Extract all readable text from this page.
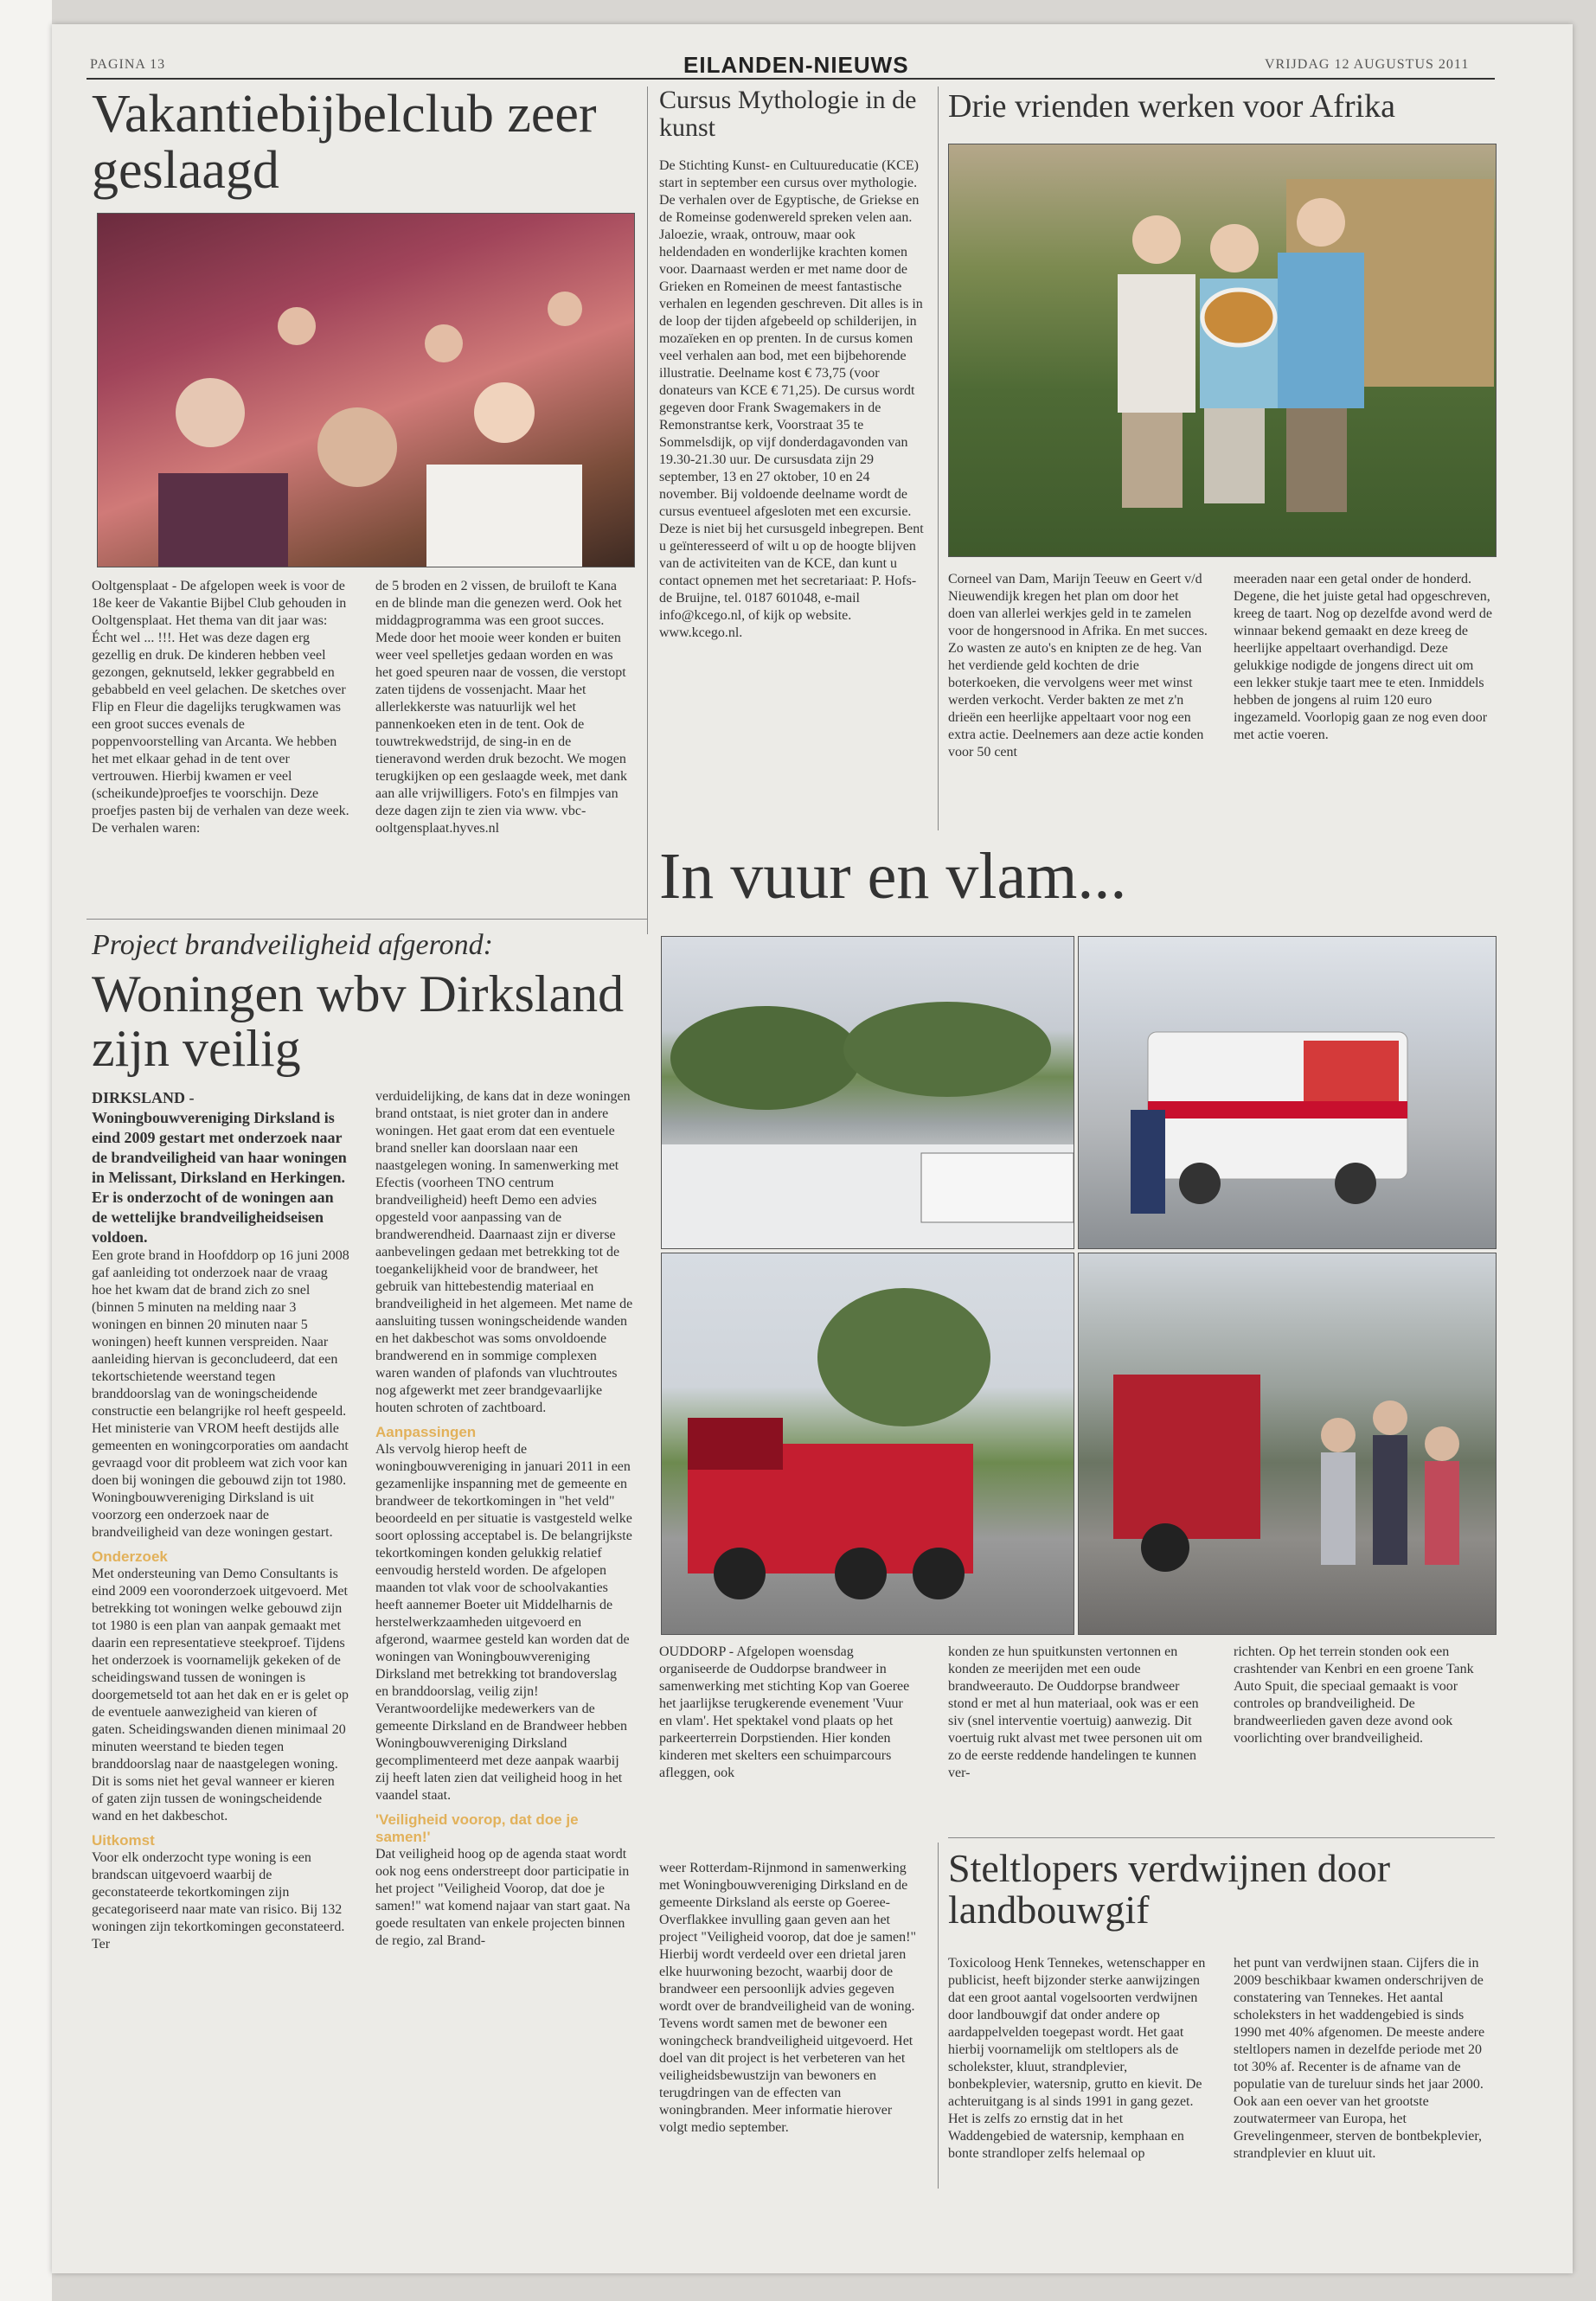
PAGINA 13	EILANDEN-NIEUWS	VRIJDAG 12 AUGUSTUS 2011
Vakantiebijbelclub zeer geslaagd
Ooltgensplaat - De afgelopen week is voor de 18e keer de Vakantie Bijbel Club gehouden in Ooltgensplaat. Het thema van dit jaar was: Écht wel ... !!!. Het was deze dagen erg gezellig en druk. De kinderen hebben veel gezongen, geknutseld, lekker gegrabbeld en gebabbeld en veel gelachen. De sketches over Flip en Fleur die dagelijks terugkwamen was een groot succes evenals de poppenvoorstelling van Arcanta. We hebben het met elkaar gehad in de tent over vertrouwen. Hierbij kwamen er veel (scheikunde)proefjes te voorschijn. Deze proefjes pasten bij de verhalen van deze week. De verhalen waren:
de 5 broden en 2 vissen, de bruiloft te Kana en de blinde man die genezen werd. Ook het middagprogramma was een groot succes. Mede door het mooie weer konden er buiten weer veel spelletjes gedaan worden en was het goed speuren naar de vossen, die verstopt zaten tijdens de vossenjacht. Maar het allerlekkerste was natuurlijk wel het pannenkoeken eten in de tent. Ook de touwtrekwedstrijd, de sing-in en de tieneravond werden druk bezocht. We mogen terugkijken op een geslaagde week, met dank aan alle vrijwilligers. Foto's en filmpjes van deze dagen zijn te zien via www. vbc-ooltgensplaat.hyves.nl
Cursus Mythologie in de kunst
De Stichting Kunst- en Cultuureducatie (KCE) start in september een cursus over mythologie. De verhalen over de Egyptische, de Griekse en de Romeinse godenwereld spreken velen aan. Jaloezie, wraak, ontrouw, maar ook heldendaden en wonderlijke krachten komen voor. Daarnaast werden er met name door de Grieken en Romeinen de meest fantastische verhalen en legenden geschreven. Dit alles is in de loop der tijden afgebeeld op schilderijen, in mozaïeken en op prenten. In de cursus komen veel verhalen aan bod, met een bijbehorende illustratie. Deelname kost € 73,75 (voor donateurs van KCE € 71,25). De cursus wordt gegeven door Frank Swagemakers in de Remonstrantse kerk, Voorstraat 35 te Sommelsdijk, op vijf donderdagavonden van 19.30-21.30 uur. De cursusdata zijn 29 september, 13 en 27 oktober, 10 en 24 november. Bij voldoende deelname wordt de cursus eventueel afgesloten met een excursie. Deze is niet bij het cursusgeld inbegrepen. Bent u geïnteresseerd of wilt u op de hoogte blijven van de activiteiten van de KCE, dan kunt u contact opnemen met het secretariaat: P. Hofs-de Bruijne, tel. 0187 601048, e-mail info@kcego.nl, of kijk op website. www.kcego.nl.
Drie vrienden werken voor Afrika
Corneel van Dam, Marijn Teeuw en Geert v/d Nieuwendijk kregen het plan om door het doen van allerlei werkjes geld in te zamelen voor de hongersnood in Afrika. En met succes. Zo wasten ze auto's en knipten ze de heg. Van het verdiende geld kochten de drie boterkoeken, die vervolgens weer met winst werden verkocht. Verder bakten ze met z'n drieën een heerlijke appeltaart voor nog een extra actie. Deelnemers aan deze actie konden voor 50 cent
meeraden naar een getal onder de honderd. Degene, die het juiste getal had opgeschreven, kreeg de taart. Nog op dezelfde avond werd de winnaar bekend gemaakt en deze kreeg de heerlijke appeltaart overhandigd. Deze gelukkige nodigde de jongens direct uit om een lekker stukje taart mee te eten. Inmiddels hebben de jongens al ruim 120 euro ingezameld. Voorlopig gaan ze nog even door met actie voeren.
Project brandveiligheid afgerond:
Woningen wbv Dirksland zijn veilig

DIRKSLAND - Woningbouwvereniging Dirksland is eind 2009 gestart met onderzoek naar de brandveiligheid van haar woningen in Melissant, Dirksland en Herkingen. Er is onderzocht of de woningen aan de wettelijke brandveiligheidseisen voldoen.

Een grote brand in Hoofddorp op 16 juni 2008 gaf aanleiding tot onderzoek naar de vraag hoe het kwam dat de brand zich zo snel (binnen 5 minuten na melding naar 3 woningen en binnen 20 minuten naar 5 woningen) heeft kunnen verspreiden. Naar aanleiding hiervan is geconcludeerd, dat een tekortschietende weerstand tegen branddoorslag van de woningscheidende constructie een belangrijke rol heeft gespeeld. Het ministerie van VROM heeft destijds alle gemeenten en woningcorporaties om aandacht gevraagd voor dit probleem wat zich voor kan doen bij woningen die gebouwd zijn tot 1980. Woningbouwvereniging Dirksland is uit voorzorg een onderzoek naar de brandveiligheid van deze woningen gestart.

Onderzoek

Met ondersteuning van Demo Consultants is eind 2009 een vooronderzoek uitgevoerd. Met betrekking tot woningen welke gebouwd zijn tot 1980 is een plan van aanpak gemaakt met daarin een representatieve steekproef. Tijdens het onderzoek is voornamelijk gekeken of de scheidingswand tussen de woningen is doorgemetseld tot aan het dak en er is gelet op de eventuele aanwezigheid van kieren of gaten. Scheidingswanden dienen minimaal 20 minuten weerstand te bieden tegen branddoorslag naar de naastgelegen woning. Dit is soms niet het geval wanneer er kieren of gaten zijn tussen de woningscheidende wand en het dakbeschot.

Uitkomst

Voor elk onderzocht type woning is een brandscan uitgevoerd waarbij de geconstateerde tekortkomingen zijn gecategoriseerd naar mate van risico. Bij 132 woningen zijn tekortkomingen geconstateerd. Ter

verduidelijking, de kans dat in deze woningen brand ontstaat, is niet groter dan in andere woningen. Het gaat erom dat een eventuele brand sneller kan doorslaan naar een naastgelegen woning. In samenwerking met Efectis (voorheen TNO centrum brandveiligheid) heeft Demo een advies opgesteld voor aanpassing van de brandwerendheid. Daarnaast zijn er diverse aanbevelingen gedaan met betrekking tot de toegankelijkheid voor de brandweer, het gebruik van hittebestendig materiaal en brandveiligheid in het algemeen. Met name de aansluiting tussen woningscheidende wanden en het dakbeschot was soms onvoldoende brandwerend en in sommige complexen waren wanden of plafonds van vluchtroutes nog afgewerkt met zeer brandgevaarlijke houten schroten of zachtboard.

Aanpassingen

Als vervolg hierop heeft de woningbouwvereniging in januari 2011 in een gezamenlijke inspanning met de gemeente en brandweer de tekortkomingen in "het veld" beoordeeld en per situatie is vastgesteld welke soort oplossing acceptabel is. De belangrijkste tekortkomingen konden gelukkig relatief eenvoudig hersteld worden. De afgelopen maanden tot vlak voor de schoolvakanties heeft aannemer Boeter uit Middelharnis de herstelwerkzaamheden uitgevoerd en afgerond, waarmee gesteld kan worden dat de woningen van Woningbouwvereniging Dirksland met betrekking tot brandoverslag en branddoorslag, veilig zijn! Verantwoordelijke medewerkers van de gemeente Dirksland en de Brandweer hebben Woningbouwvereniging Dirksland gecomplimenteerd met deze aanpak waarbij zij heeft laten zien dat veiligheid hoog in het vaandel staat.

'Veiligheid voorop, dat doe je samen!'

Dat veiligheid hoog op de agenda staat wordt ook nog eens onderstreept door participatie in het project "Veiligheid Voorop, dat doe je samen!" wat komend najaar van start gaat. Na goede resultaten van enkele projecten binnen de regio, zal Brand-

weer Rotterdam-Rijnmond in samenwerking met Woningbouwvereniging Dirksland en de gemeente Dirksland als eerste op Goeree-Overflakkee invulling gaan geven aan het project "Veiligheid voorop, dat doe je samen!" Hierbij wordt verdeeld over een drietal jaren elke huurwoning bezocht, waarbij door de brandweer een persoonlijk advies gegeven wordt over de brandveiligheid van de woning. Tevens wordt samen met de bewoner een woningcheck brandveiligheid uitgevoerd. Het doel van dit project is het verbeteren van het veiligheidsbewustzijn van bewoners en terugdringen van de effecten van woningbranden. Meer informatie hierover volgt medio september.
In vuur en vlam...
OUDDORP - Afgelopen woensdag organiseerde de Ouddorpse brandweer in samenwerking met stichting Kop van Goeree het jaarlijkse terugkerende evenement 'Vuur en vlam'. Het spektakel vond plaats op het parkeerterrein Dorpstienden. Hier konden kinderen met skelters een schuimparcours afleggen, ook
konden ze hun spuitkunsten vertonnen en konden ze meerijden met een oude brandweerauto. De Ouddorpse brandweer stond er met al hun materiaal, ook was er een siv (snel interventie voertuig) aanwezig. Dit voertuig rukt alvast met twee personen uit om zo de eerste reddende handelingen te kunnen ver-
richten. Op het terrein stonden ook een crashtender van Kenbri en een groene Tank Auto Spuit, die speciaal gemaakt is voor controles op brandveiligheid. De brandweerlieden gaven deze avond ook voorlichting over brandveiligheid.
Steltlopers verdwijnen door landbouwgif
Toxicoloog Henk Tennekes, wetenschapper en publicist, heeft bijzonder sterke aanwijzingen dat een groot aantal vogelsoorten verdwijnen door landbouwgif dat onder andere op aardappelvelden toegepast wordt. Het gaat hierbij voornamelijk om steltlopers als de scholekster, kluut, strandplevier, bonbekplevier, watersnip, grutto en kievit. De achteruitgang is al sinds 1991 in gang gezet. Het is zelfs zo ernstig dat in het Waddengebied de watersnip, kemphaan en bonte strandloper zelfs helemaal op
het punt van verdwijnen staan. Cijfers die in 2009 beschikbaar kwamen onderschrijven de constatering van Tennekes. Het aantal scholeksters in het waddengebied is sinds 1990 met 40% afgenomen. De meeste andere steltlopers namen in dezelfde periode met 20 tot 30% af. Recenter is de afname van de populatie van de tureluur sinds het jaar 2000. Ook aan een oever van het grootste zoutwatermeer van Europa, het Grevelingenmeer, sterven de bontbekplevier, strandplevier en kluut uit.
